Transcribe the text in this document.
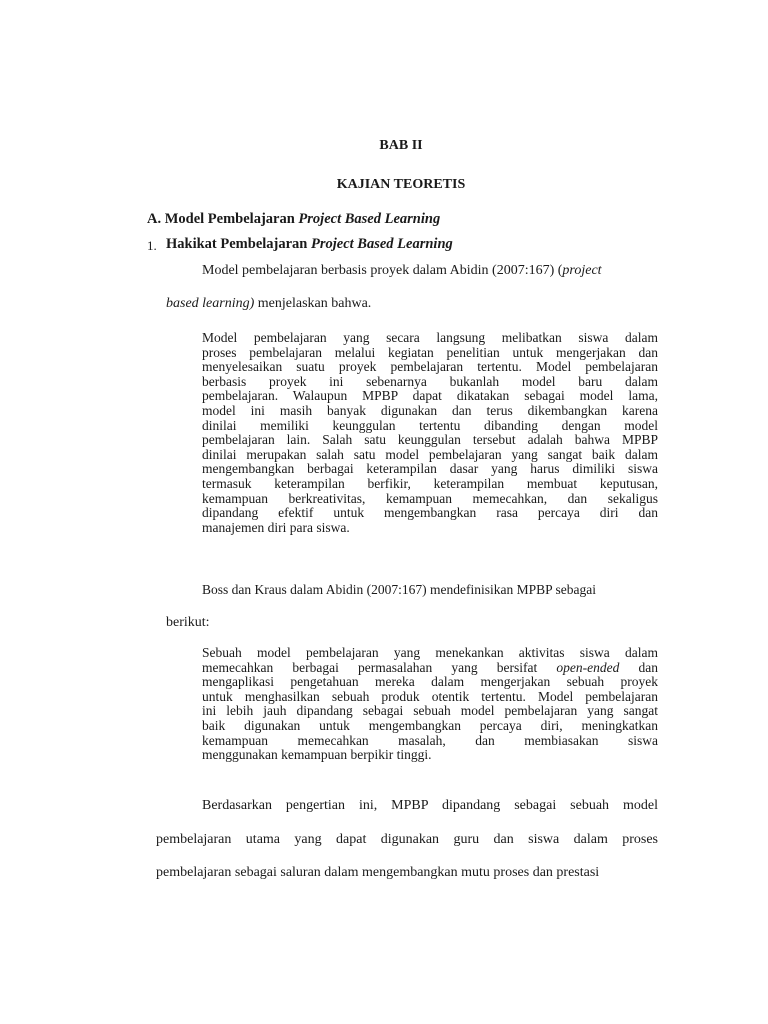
BAB II
KAJIAN TEORETIS
A. Model Pembelajaran Project Based Learning
1. Hakikat Pembelajaran Project Based Learning
Model pembelajaran berbasis proyek dalam Abidin (2007:167) (project
based learning) menjelaskan bahwa.
Model pembelajaran yang secara langsung melibatkan siswa dalam
proses pembelajaran melalui kegiatan penelitian untuk mengerjakan dan
menyelesaikan suatu proyek pembelajaran tertentu. Model pembelajaran
berbasis proyek ini sebenarnya bukanlah model baru dalam
pembelajaran. Walaupun MPBP dapat dikatakan sebagai model lama,
model ini masih banyak digunakan dan terus dikembangkan karena
dinilai memiliki keunggulan tertentu dibanding dengan model
pembelajaran lain. Salah satu keunggulan tersebut adalah bahwa MPBP
dinilai merupakan salah satu model pembelajaran yang sangat baik dalam
mengembangkan berbagai keterampilan dasar yang harus dimiliki siswa
termasuk keterampilan berfikir, keterampilan membuat keputusan,
kemampuan berkreativitas, kemampuan memecahkan, dan sekaligus
dipandang efektif untuk mengembangkan rasa percaya diri dan
manajemen diri para siswa.
Boss dan Kraus dalam Abidin (2007:167) mendefinisikan MPBP sebagai
berikut:
Sebuah model pembelajaran yang menekankan aktivitas siswa dalam
memecahkan berbagai permasalahan yang bersifat open-ended dan
mengaplikasi pengetahuan mereka dalam mengerjakan sebuah proyek
untuk menghasilkan sebuah produk otentik tertentu. Model pembelajaran
ini lebih jauh dipandang sebagai sebuah model pembelajaran yang sangat
baik digunakan untuk mengembangkan percaya diri, meningkatkan
kemampuan memecahkan masalah, dan membiasakan siswa
menggunakan kemampuan berpikir tinggi.
Berdasarkan pengertian ini, MPBP dipandang sebagai sebuah model
pembelajaran utama yang dapat digunakan guru dan siswa dalam proses
pembelajaran sebagai saluran dalam mengembangkan mutu proses dan prestasi
